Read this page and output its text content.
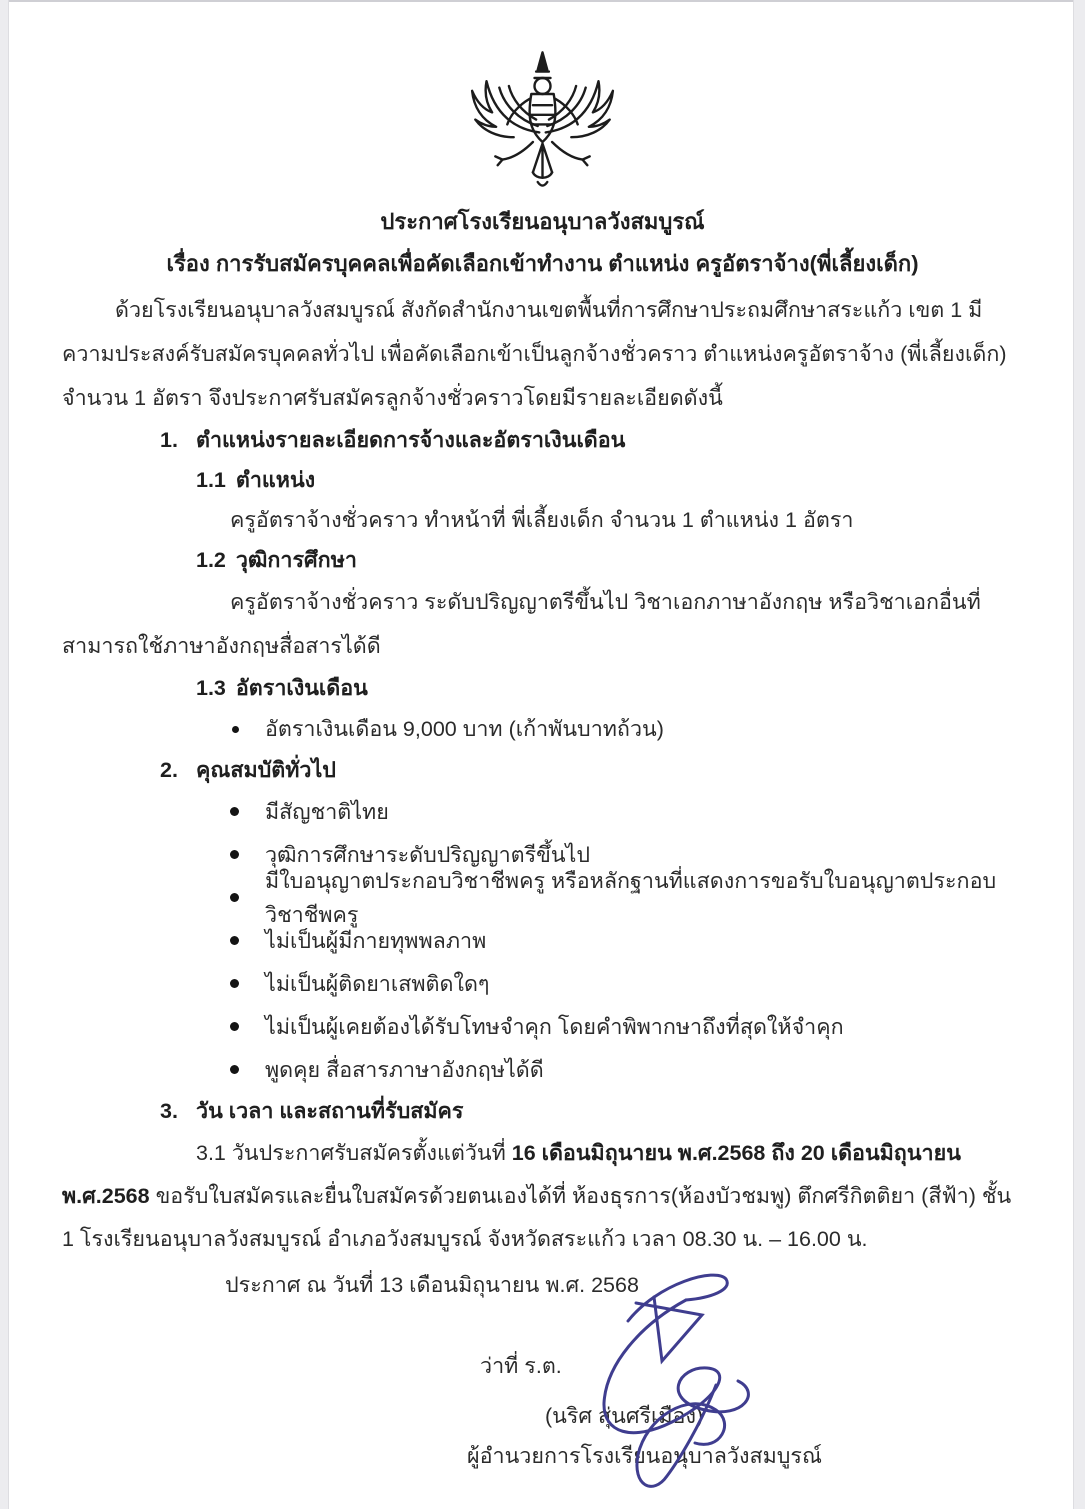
ประกาศโรงเรียนอนุบาลวังสมบูรณ์
เรื่อง การรับสมัครบุคคลเพื่อคัดเลือกเข้าทำงาน ตำแหน่ง ครูอัตราจ้าง(พี่เลี้ยงเด็ก)

ด้วยโรงเรียนอนุบาลวังสมบูรณ์ สังกัดสำนักงานเขตพื้นที่การศึกษาประถมศึกษาสระแก้ว เขต 1 มีความประสงค์รับสมัครบุคคลทั่วไป เพื่อคัดเลือกเข้าเป็นลูกจ้างชั่วคราว ตำแหน่งครูอัตราจ้าง (พี่เลี้ยงเด็ก) จำนวน 1 อัตรา จึงประกาศรับสมัครลูกจ้างชั่วคราวโดยมีรายละเอียดดังนี้

1. ตำแหน่งรายละเอียดการจ้างและอัตราเงินเดือน
1.1 ตำแหน่ง
ครูอัตราจ้างชั่วคราว ทำหน้าที่ พี่เลี้ยงเด็ก จำนวน 1 ตำแหน่ง 1 อัตรา
1.2 วุฒิการศึกษา

ครูอัตราจ้างชั่วคราว ระดับปริญญาตรีขึ้นไป วิชาเอกภาษาอังกฤษ หรือวิชาเอกอื่นที่สามารถใช้ภาษาอังกฤษสื่อสารได้ดี

1.3 อัตราเงินเดือน
อัตราเงินเดือน 9,000 บาท (เก้าพันบาทถ้วน)
2. คุณสมบัติทั่วไป
มีสัญชาติไทย
วุฒิการศึกษาระดับปริญญาตรีขึ้นไป
มีใบอนุญาตประกอบวิชาชีพครู หรือหลักฐานที่แสดงการขอรับใบอนุญาตประกอบวิชาชีพครู
ไม่เป็นผู้มีกายทุพพลภาพ
ไม่เป็นผู้ติดยาเสพติดใดๆ
ไม่เป็นผู้เคยต้องได้รับโทษจำคุก โดยคำพิพากษาถึงที่สุดให้จำคุก
พูดคุย สื่อสารภาษาอังกฤษได้ดี
3. วัน เวลา และสถานที่รับสมัคร

3.1 วันประกาศรับสมัครตั้งแต่วันที่ 16 เดือนมิถุนายน พ.ศ.2568 ถึง 20 เดือนมิถุนายน พ.ศ.2568 ขอรับใบสมัครและยื่นใบสมัครด้วยตนเองได้ที่ ห้องธุรการ(ห้องบัวชมพู) ตึกศรีกิตติยา (สีฟ้า) ชั้น 1 โรงเรียนอนุบาลวังสมบูรณ์ อำเภอวังสมบูรณ์ จังหวัดสระแก้ว เวลา 08.30 น. – 16.00 น.

ประกาศ ณ วันที่ 13 เดือนมิถุนายน พ.ศ. 2568
ว่าที่ ร.ต.
(นริศ สุ่นศรีเมือง)
ผู้อำนวยการโรงเรียนอนุบาลวังสมบูรณ์
